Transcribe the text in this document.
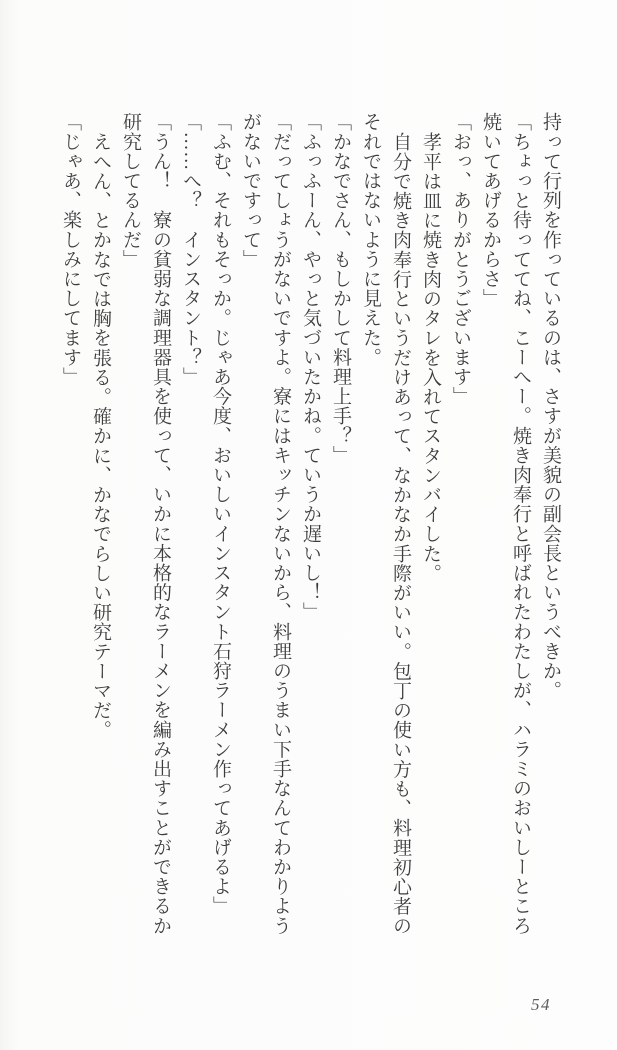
持って行列を作っているのは、さすが美貌の副会長というべきか。

「ちょっと待っててね、こーへー。焼き肉奉行と呼ばれたわたしが、ハラミのおいしーところ

焼いてあげるからさ」

「おっ、ありがとうございます」

孝平は皿に焼き肉のタレを入れてスタンバイした。

自分で焼き肉奉行というだけあって、なかなか手際がいい。包丁の使い方も、料理初心者の

それではないように見えた。

「かなでさん、もしかして料理上手？」

「ふっふーん、やっと気づいたかね。ていうか遅いし！」

「だってしょうがないですよ。寮にはキッチンないから、料理のうまい下手なんてわかりよう

がないですって」

「ふむ、それもそっか。じゃあ今度、おいしいインスタント石狩ラーメン作ってあげるよ」

「……へ？　インスタント？」

「うん！　寮の貧弱な調理器具を使って、いかに本格的なラーメンを編み出すことができるか

研究してるんだ」

えへん、とかなでは胸を張る。確かに、かなでらしい研究テーマだ。

「じゃあ、楽しみにしてます」

54
